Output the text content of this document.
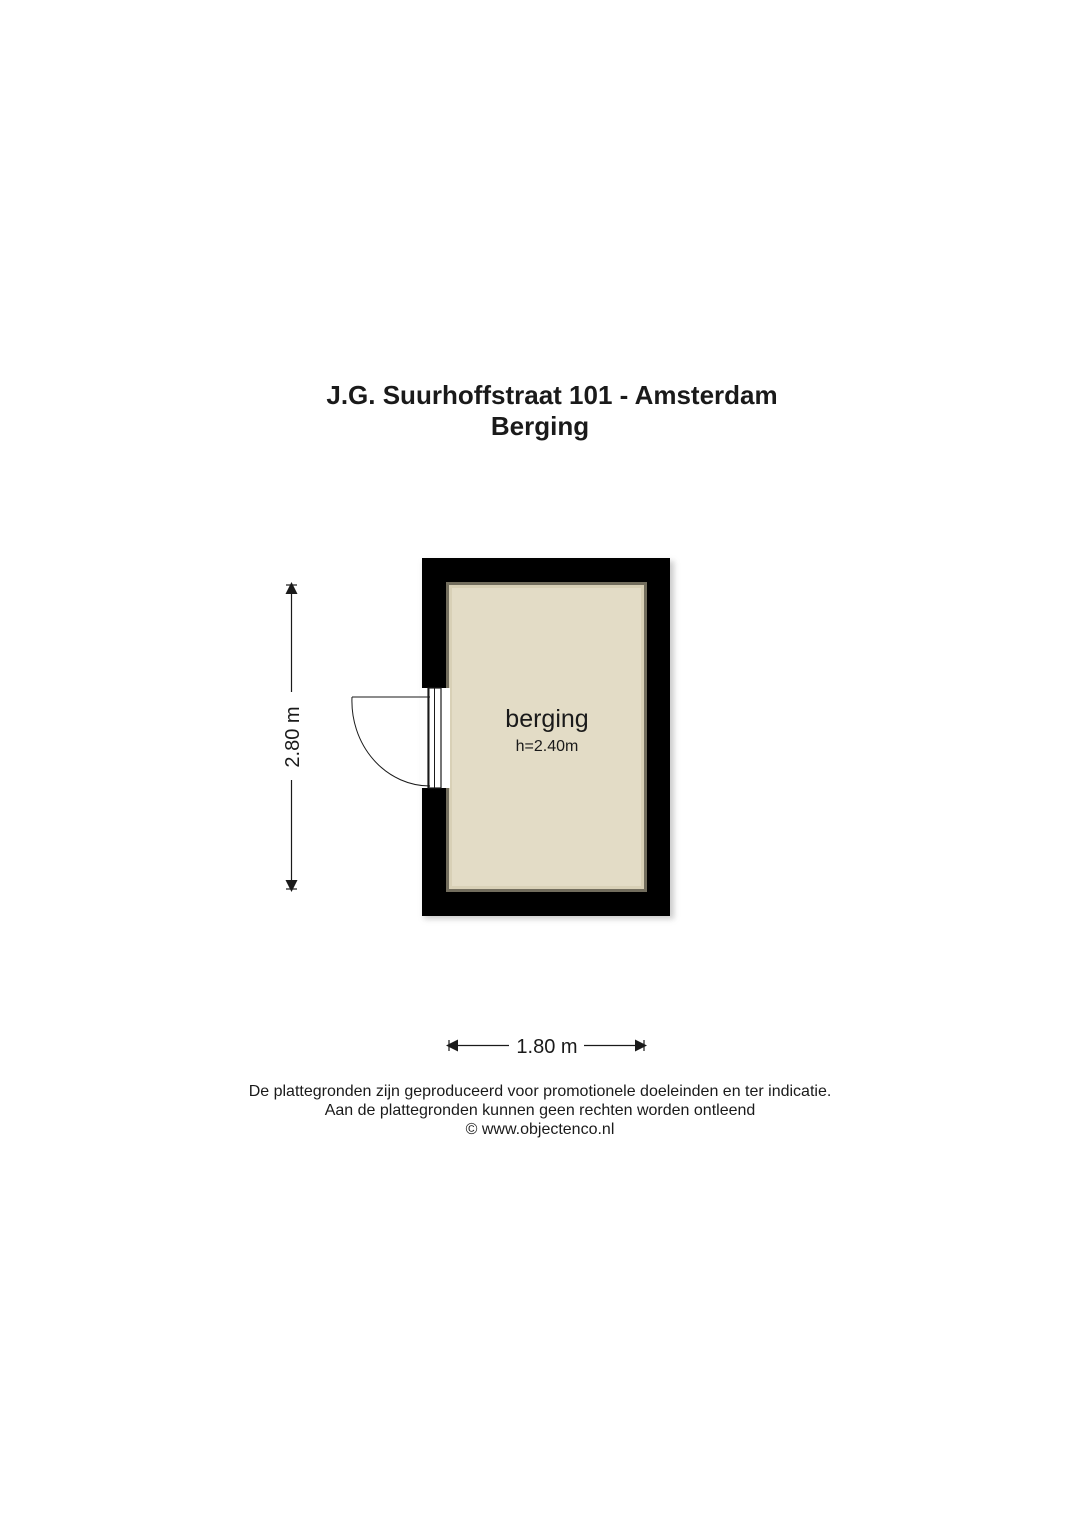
J.G. Suurhoffstraat 101 - Amsterdam
Berging
berging
h=2.40m
2.80 m
1.80 m
De plattegronden zijn geproduceerd voor promotionele doeleinden en ter indicatie.
Aan de plattegronden kunnen geen rechten worden ontleend
© www.objectenco.nl
